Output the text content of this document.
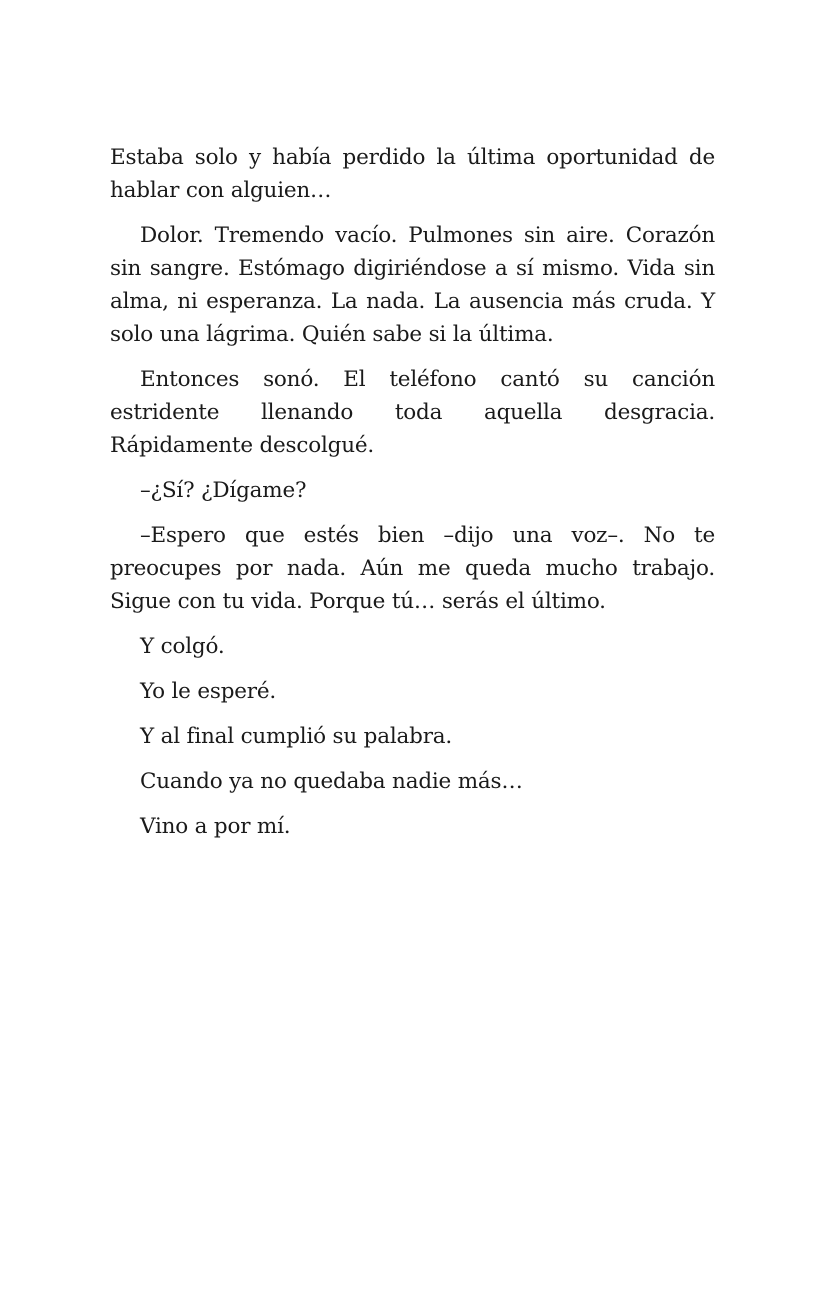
Estaba solo y había perdido la última oportunidad de hablar con alguien…

Dolor. Tremendo vacío. Pulmones sin aire. Corazón sin sangre. Estómago digiriéndose a sí mismo. Vida sin alma, ni esperanza. La nada. La ausencia más cruda. Y solo una lágrima. Quién sabe si la última.

Entonces sonó. El teléfono cantó su canción estridente llenando toda aquella desgracia. Rápidamente descolgué.

–¿Sí? ¿Dígame?

–Espero que estés bien –dijo una voz–. No te preocupes por nada. Aún me queda mucho trabajo. Sigue con tu vida. Porque tú… serás el último.

Y colgó.

Yo le esperé.

Y al final cumplió su palabra.

Cuando ya no quedaba nadie más…

Vino a por mí.
